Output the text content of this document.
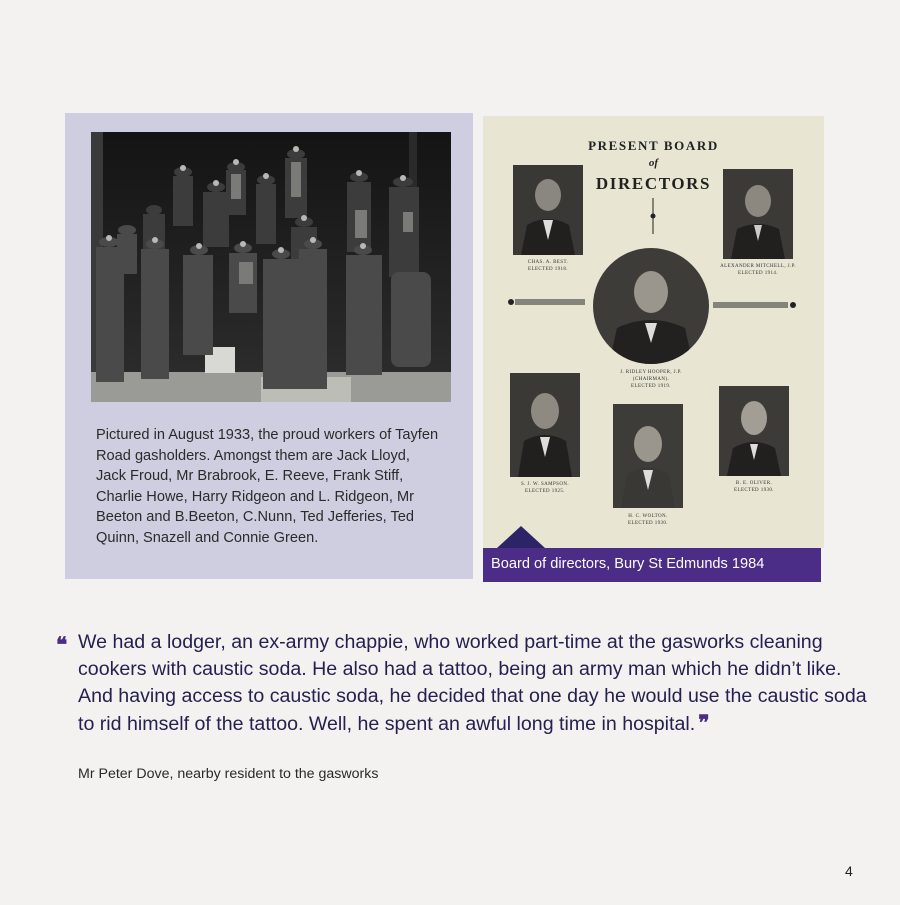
Pictured in August 1933, the proud workers of Tayfen Road gasholders. Amongst them are Jack Lloyd, Jack Froud, Mr Brabrook, E. Reeve, Frank Stiff, Charlie Howe, Harry Ridgeon and L. Ridgeon, Mr Beeton and B.Beeton, C.Nunn, Ted Jefferies, Ted Quinn, Snazell and Connie Green.

PRESENT BOARD
of
DIRECTORS
CHAS. A. BEST.
ELECTED 1918.
ALEXANDER MITCHELL, J.P.
ELECTED 1914.
J. RIDLEY HOOPER, J.P.
(CHAIRMAN).
ELECTED 1919.
S. J. W. SAMPSON.
ELECTED 1925.
H. C. WOLTON.
ELECTED 1930.
B. E. OLIVER.
ELECTED 1930.
Board of directors, Bury St Edmunds 1984
❝ We had a lodger, an ex-army chappie, who worked part-time at the gasworks cleaning cookers with caustic soda. He also had a tattoo, being an army man which he didn’t like. And having access to caustic soda, he decided that one day he would use the caustic soda to rid himself of the tattoo. Well, he spent an awful long time in hospital. ❞
Mr Peter Dove, nearby resident to the gasworks
4
